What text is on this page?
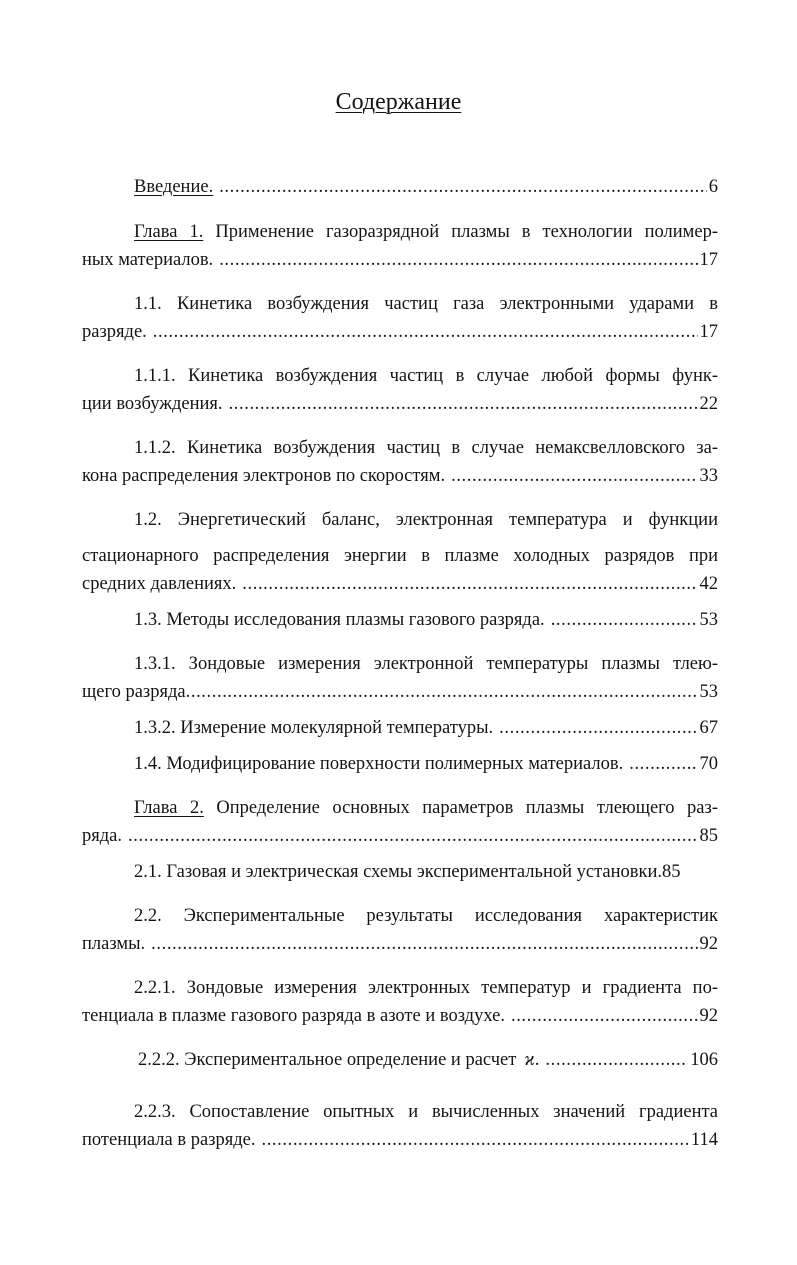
Содержание
Введение. .....	6
Глава 1. Применение газоразрядной плазмы в технологии полимер-
ных материалов. .....	17
1.1. Кинетика возбуждения частиц газа электронными ударами в
разряде. .....	17
1.1.1. Кинетика возбуждения частиц в случае любой формы функ-
ции возбуждения. .....	22
1.1.2. Кинетика возбуждения частиц в случае немаксвелловского за-
кона распределения электронов по скоростям. .....	33
1.2. Энергетический баланс, электронная температура и функции
стационарного распределения энергии в плазме холодных разрядов при
средних давлениях. .....	42
1.3. Методы исследования плазмы газового разряда. .....	53
1.3.1. Зондовые измерения электронной температуры плазмы тлею-
щего разряда .....	53
1.3.2. Измерение молекулярной температуры. .....	67
1.4. Модифицирование поверхности полимерных материалов. .....	70
Глава 2. Определение основных параметров плазмы тлеющего раз-
ряда. .....	85
2.1. Газовая и электрическая схемы экспериментальной установки. 85
2.2. Экспериментальные результаты исследования характеристик
плазмы. .....	92
2.2.1. Зондовые измерения электронных температур и градиента по-
тенциала в плазме газового разряда в азоте и воздухе. .....	92
2.2.2. Экспериментальное определение и расчет ϰ . .....	106
2.2.3. Сопоставление опытных и вычисленных значений градиента
потенциала в разряде. .....	114
